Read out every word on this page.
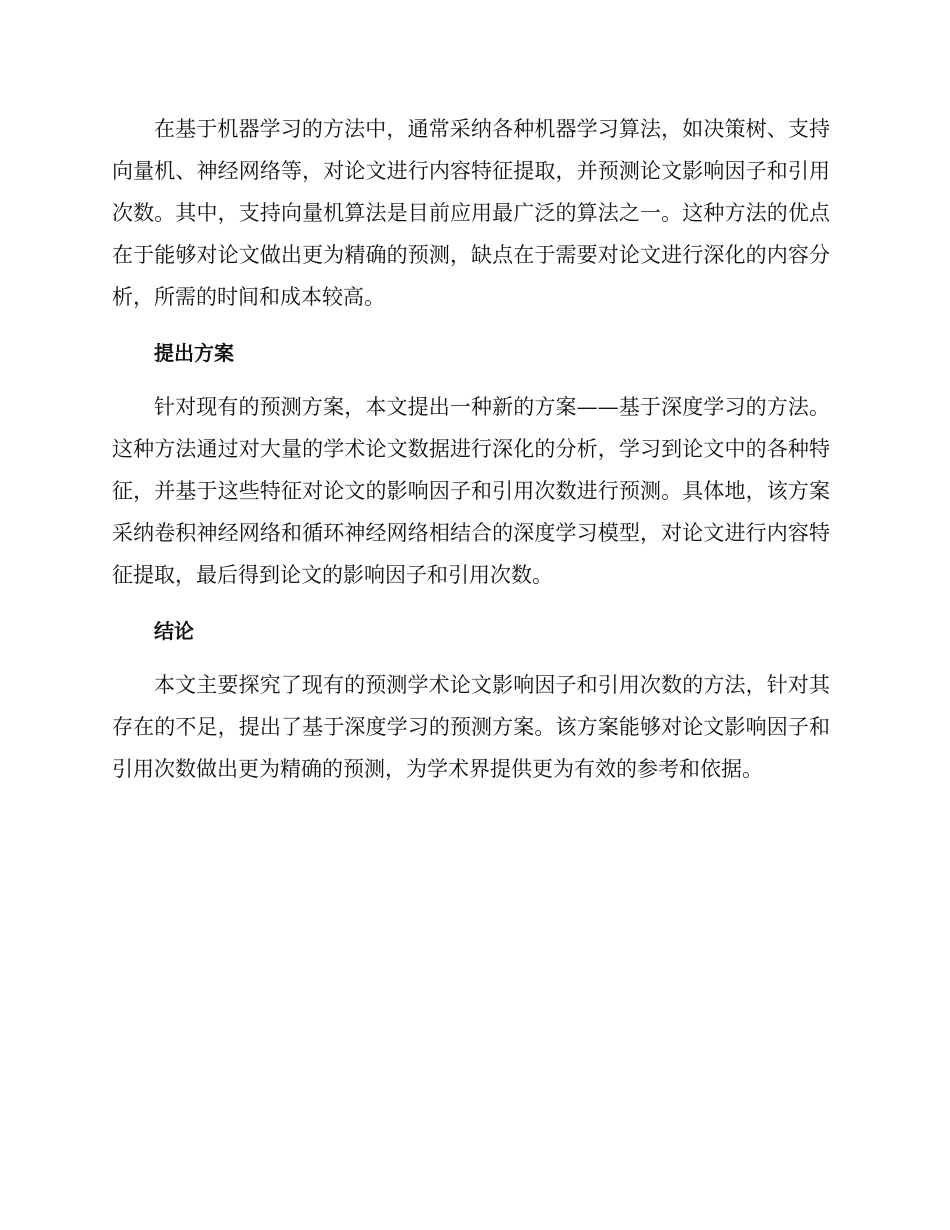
在基于机器学习的方法中，通常采纳各种机器学习算法，如决策树、支持向量机、神经网络等，对论文进行内容特征提取，并预测论文影响因子和引用次数。其中，支持向量机算法是目前应用最广泛的算法之一。这种方法的优点在于能够对论文做出更为精确的预测，缺点在于需要对论文进行深化的内容分析，所需的时间和成本较高。

提出方案

针对现有的预测方案，本文提出一种新的方案——基于深度学习的方法。这种方法通过对大量的学术论文数据进行深化的分析，学习到论文中的各种特征，并基于这些特征对论文的影响因子和引用次数进行预测。具体地，该方案采纳卷积神经网络和循环神经网络相结合的深度学习模型，对论文进行内容特征提取，最后得到论文的影响因子和引用次数。

结论

本文主要探究了现有的预测学术论文影响因子和引用次数的方法，针对其存在的不足，提出了基于深度学习的预测方案。该方案能够对论文影响因子和引用次数做出更为精确的预测，为学术界提供更为有效的参考和依据。
